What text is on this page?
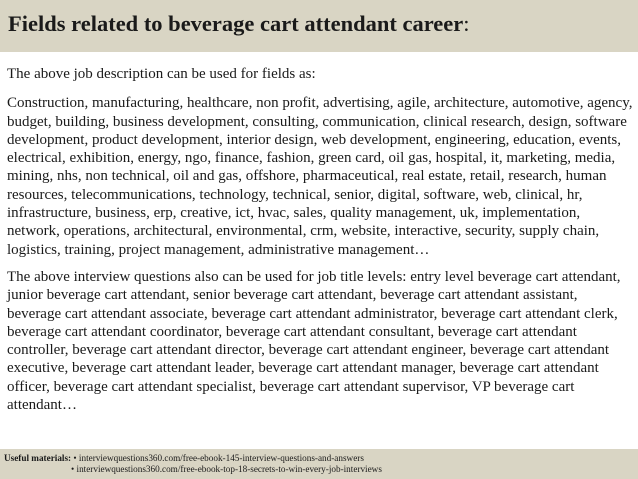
Fields related to beverage cart attendant career:

The above job description can be used for fields as:

Construction, manufacturing, healthcare, non profit, advertising, agile, architecture, automotive, agency, budget, building, business development, consulting, communication, clinical research, design, software development, product development, interior design, web development, engineering, education, events, electrical, exhibition, energy, ngo, finance, fashion, green card, oil gas, hospital, it, marketing, media, mining, nhs, non technical, oil and gas, offshore, pharmaceutical, real estate, retail, research, human resources, telecommunications, technology, technical, senior, digital, software, web, clinical, hr, infrastructure, business, erp, creative, ict, hvac, sales, quality management, uk, implementation, network, operations, architectural, environmental, crm, website, interactive, security, supply chain, logistics, training, project management, administrative management…

The above interview questions also can be used for job title levels: entry level beverage cart attendant, junior beverage cart attendant, senior beverage cart attendant, beverage cart attendant assistant, beverage cart attendant associate, beverage cart attendant administrator, beverage cart attendant clerk, beverage cart attendant coordinator, beverage cart attendant consultant, beverage cart attendant controller, beverage cart attendant director, beverage cart attendant engineer, beverage cart attendant executive, beverage cart attendant leader, beverage cart attendant manager, beverage cart attendant officer, beverage cart attendant specialist, beverage cart attendant supervisor, VP beverage cart attendant…

Useful materials: • interviewquestions360.com/free-ebook-145-interview-questions-and-answers
• interviewquestions360.com/free-ebook-top-18-secrets-to-win-every-job-interviews
